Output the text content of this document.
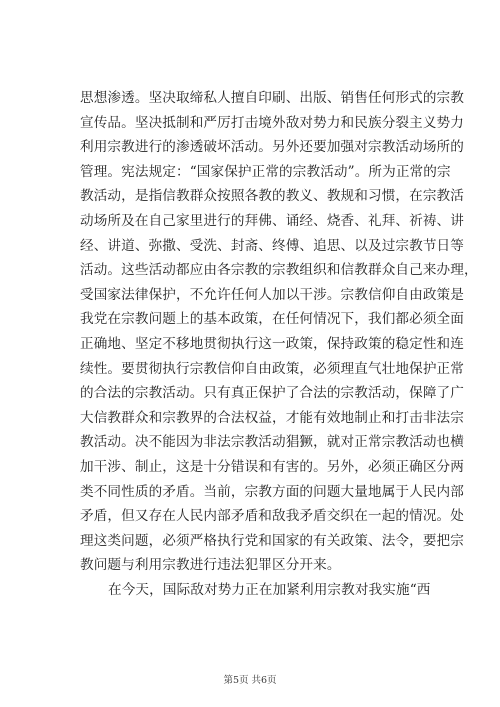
思想渗透。坚决取缔私人擅自印刷、出版、销售任何形式的宗教
宣传品。坚决抵制和严厉打击境外敌对势力和民族分裂主义势力
利用宗教进行的渗透破坏活动。另外还要加强对宗教活动场所的
管理。宪法规定：“国家保护正常的宗教活动”。所为正常的宗
教活动，是指信教群众按照各教的教义、教规和习惯，在宗教活
动场所及在自己家里进行的拜佛、诵经、烧香、礼拜、祈祷、讲
经、讲道、弥撒、受洗、封斋、终傅、追思、以及过宗教节日等
活动。这些活动都应由各宗教的宗教组织和信教群众自己来办理，
受国家法律保护，不允许任何人加以干涉。宗教信仰自由政策是
我党在宗教问题上的基本政策，在任何情况下，我们都必须全面
正确地、坚定不移地贯彻执行这一政策，保持政策的稳定性和连
续性。要贯彻执行宗教信仰自由政策，必须理直气壮地保护正常
的合法的宗教活动。只有真正保护了合法的宗教活动，保障了广
大信教群众和宗教界的合法权益，才能有效地制止和打击非法宗
教活动。决不能因为非法宗教活动猖獗，就对正常宗教活动也横
加干涉、制止，这是十分错误和有害的。另外，必须正确区分两
类不同性质的矛盾。当前，宗教方面的问题大量地属于人民内部
矛盾，但又存在人民内部矛盾和敌我矛盾交织在一起的情况。处
理这类问题，必须严格执行党和国家的有关政策、法令，要把宗
教问题与利用宗教进行违法犯罪区分开来。
在今天，国际敌对势力正在加紧利用宗教对我实施“西
第5页 共6页
